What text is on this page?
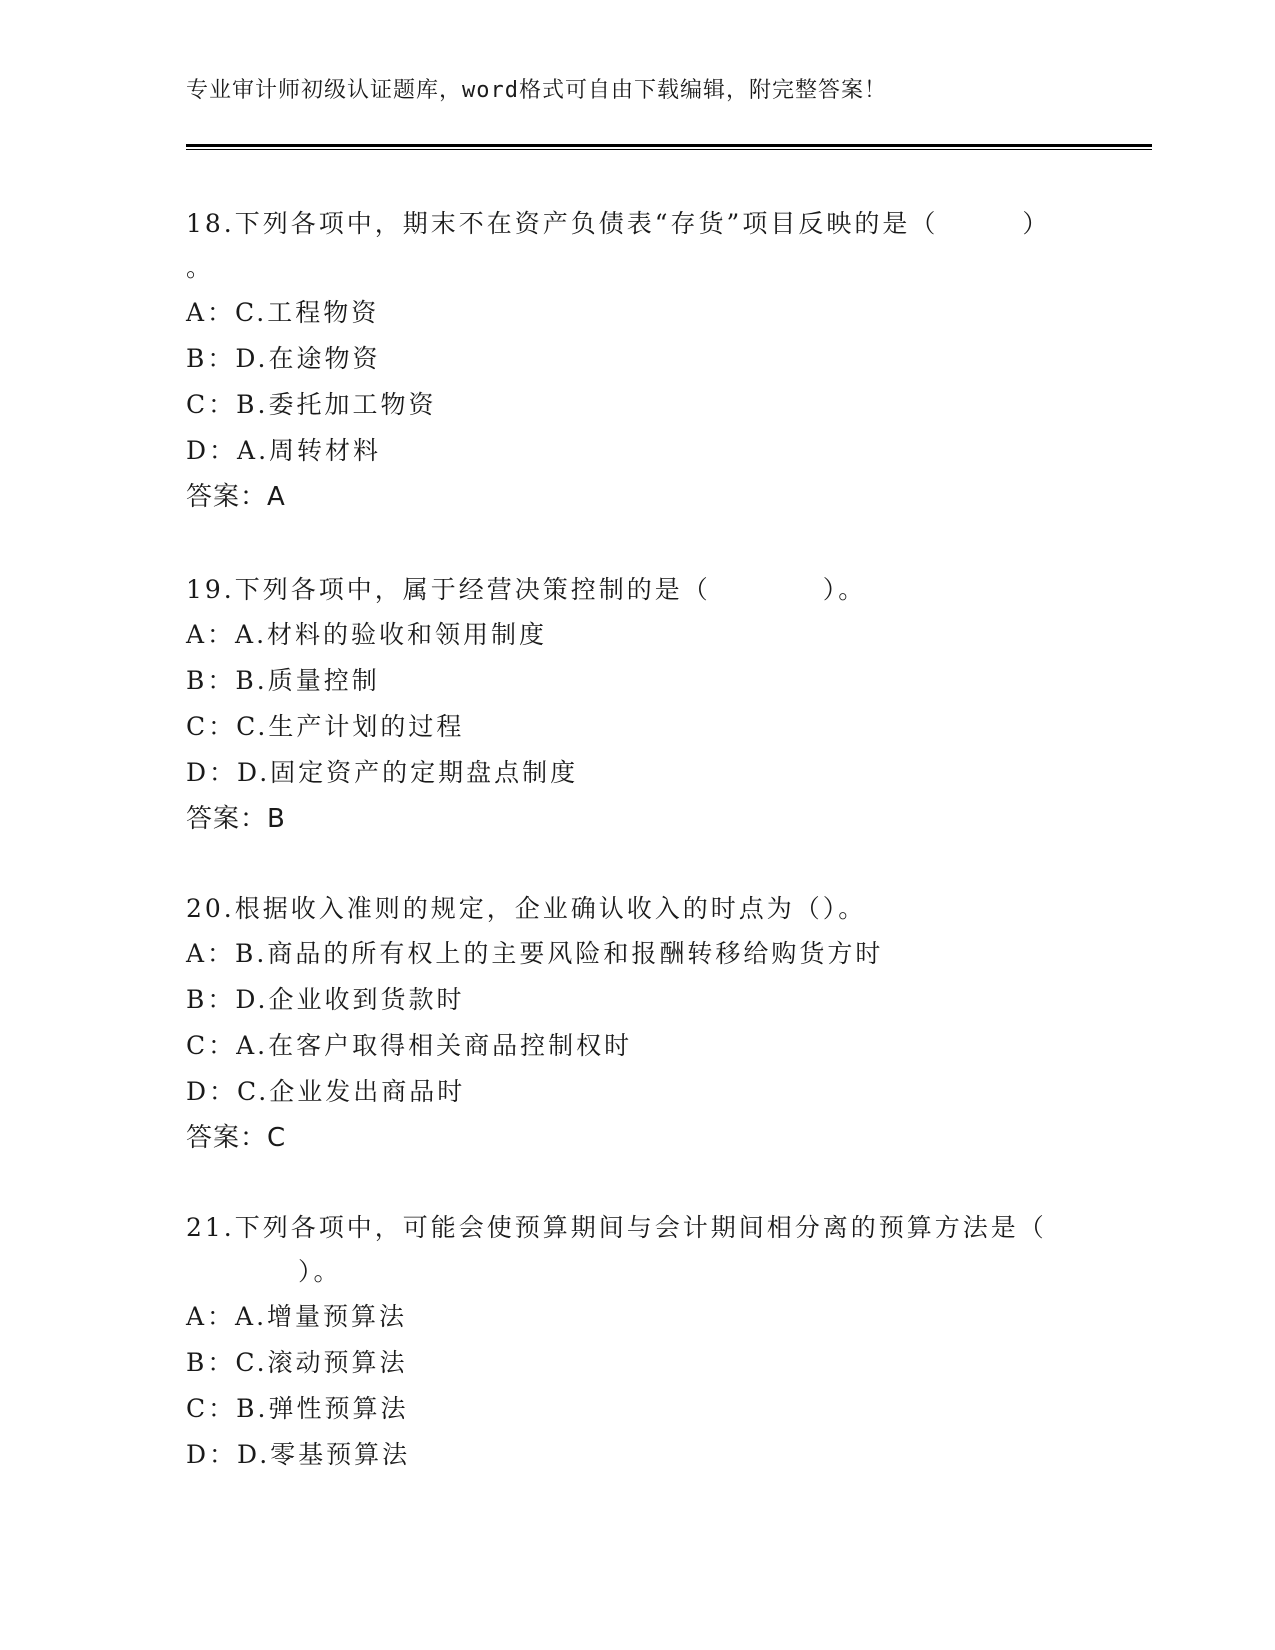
专业审计师初级认证题库，word格式可自由下载编辑，附完整答案！
18.下列各项中，期末不在资产负债表“存货”项目反映的是（　　　）
。
A：C.工程物资
B：D.在途物资
C：B.委托加工物资
D：A.周转材料
答案：A
19.下列各项中，属于经营决策控制的是（　　　　）。
A：A.材料的验收和领用制度
B：B.质量控制
C：C.生产计划的过程
D：D.固定资产的定期盘点制度
答案：B
20.根据收入准则的规定，企业确认收入的时点为（）。
A：B.商品的所有权上的主要风险和报酬转移给购货方时
B：D.企业收到货款时
C：A.在客户取得相关商品控制权时
D：C.企业发出商品时
答案：C
21.下列各项中，可能会使预算期间与会计期间相分离的预算方法是（
　　　　）。
A：A.增量预算法
B：C.滚动预算法
C：B.弹性预算法
D：D.零基预算法
